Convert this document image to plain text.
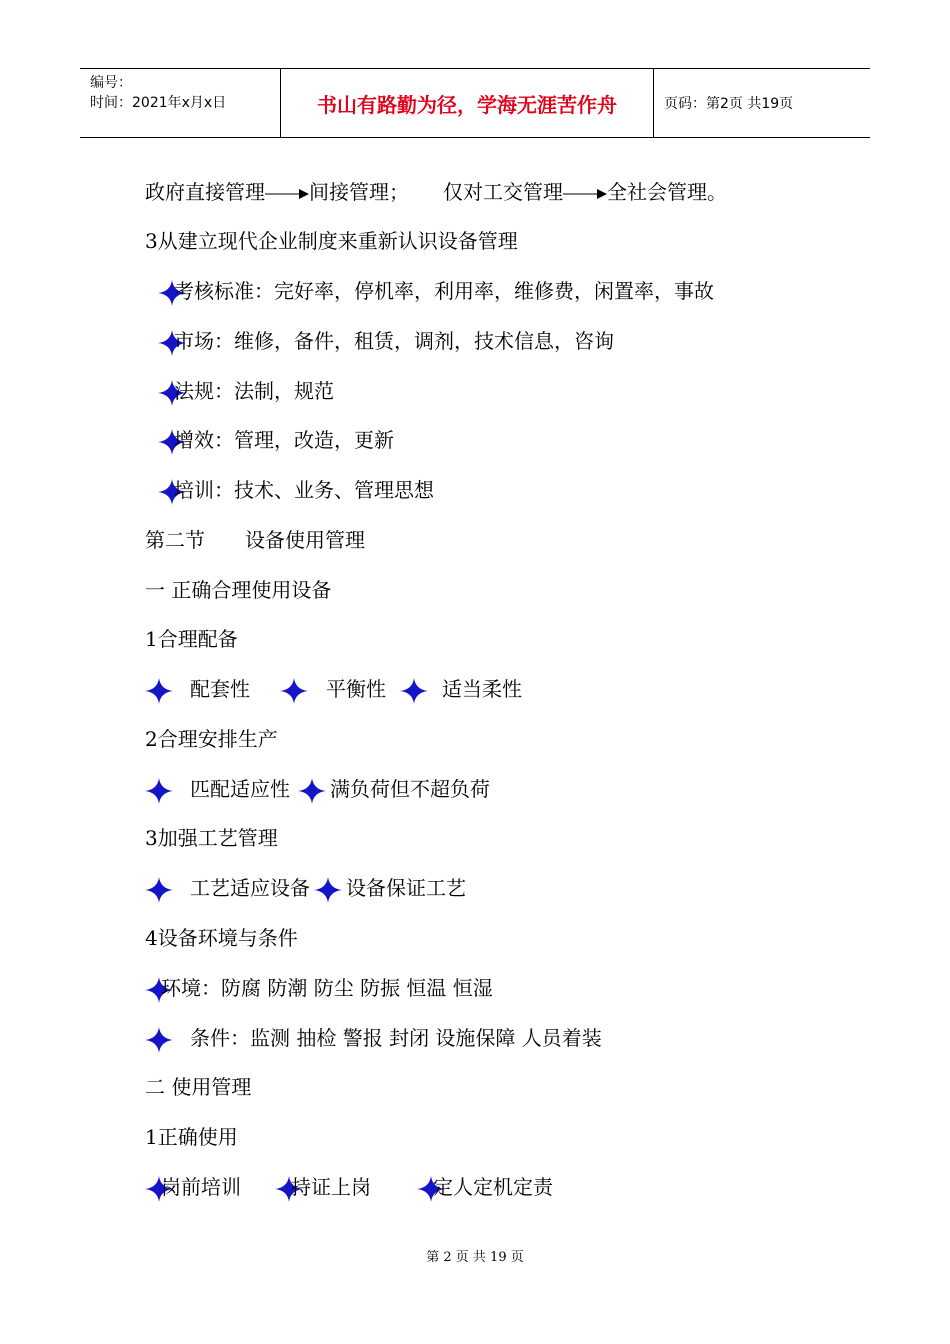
编号：
时间：2021年x月x日	书山有路勤为径，学海无涯苦作舟	页码：第2页 共19页
政府直接管理 间接管理； 仅对工交管理 全社会管理。
3从建立现代企业制度来重新认识设备管理
考核标准：完好率，停机率，利用率，维修费，闲置率，事故
市场：维修，备件，租赁，调剂，技术信息，咨询
法规：法制，规范
增效：管理，改造，更新
培训：技术、业务、管理思想
第二节 设备使用管理
一 正确合理使用设备
1合理配备
配套性	平衡性	适当柔性
2合理安排生产
匹配适应性 满负荷但不超负荷
3加强工艺管理
工艺适应设备 设备保证工艺
4设备环境与条件
环境：防腐 防潮 防尘 防振 恒温 恒湿
条件：监测 抽检 警报 封闭 设施保障 人员着装
二 使用管理
1正确使用
岗前培训	持证上岗	定人定机定责
第 2 页 共 19 页
